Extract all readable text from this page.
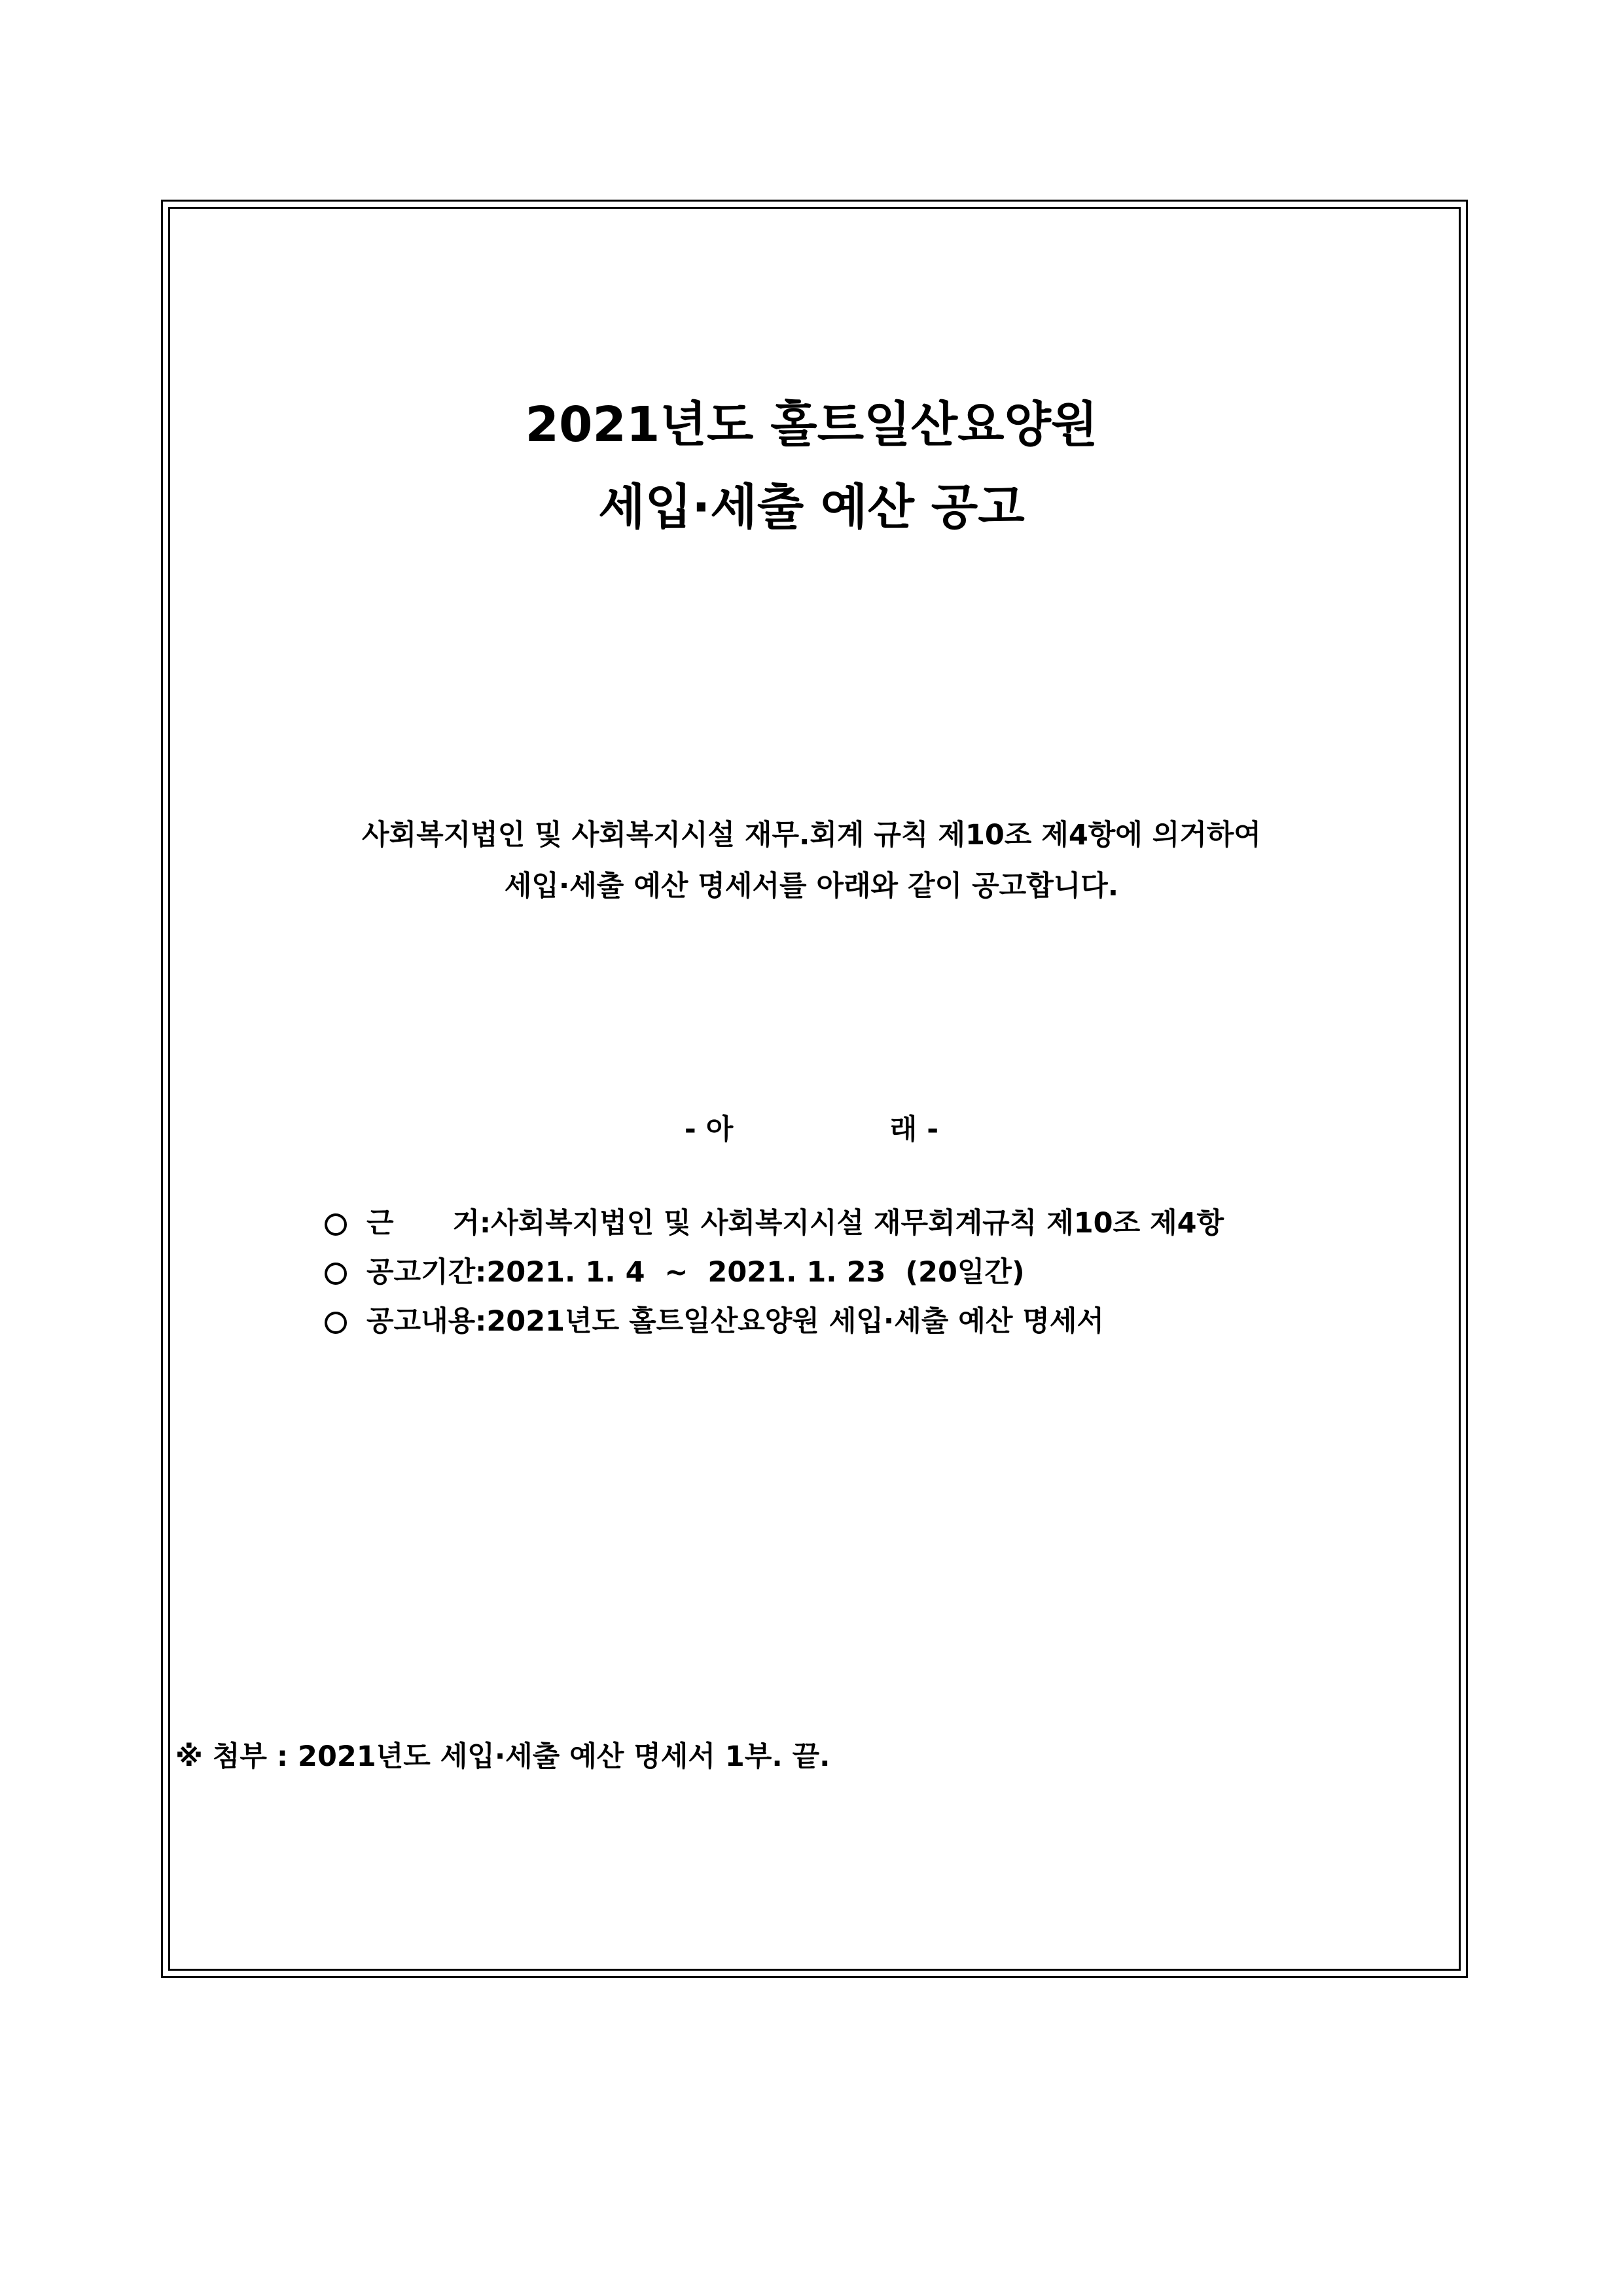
2021년도 홀트일산요양원
세입·세출 예산 공고
사회복지법인 및 사회복지시설 재무.회계 규칙 제10조 제4항에 의거하여
세입·세출 예산 명세서를 아래와 같이 공고합니다.
- 아	래 -
근      거 : 사회복지법인 및 사회복지시설 재무회계규칙 제10조 제4항
공고기간 : 2021. 1. 4  ~  2021. 1. 23  (20일간)
공고내용 : 2021년도 홀트일산요양원 세입·세출 예산 명세서
※ 첨부 : 2021년도 세입·세출 예산 명세서 1부. 끝.
